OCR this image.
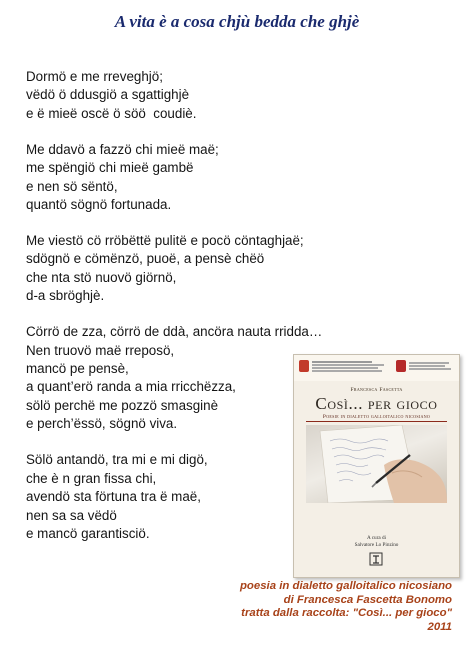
A vita è a cosa chjù bedda che ghjè
Dormö e me rreveghjö;
vëdö ö ddusgiö a sgattighjè
e ë mieë oscë ö söö  coudiè.
Me ddavö a fazzö chi mieë maë;
me spëngiö chi mieë gambë
e nen sö sëntö,
quantö sögnö fortunada.
Me viestö cö rröbëttë pulitë e pocö cöntaghjaë;
sdögnö e cömënzö, puoë, a pensè chëö
che nta stö nuovö giörnö,
d-a sbröghjè.
Cörrö de zza, cörrö de ddà, ancöra nauta rridda…
Nen truovö maë rreposö,
mancö pe pensè,
a quant’erö randa a mia rricchëzza,
sölö perchë me pozzö smasginè
e perch’ëssö, sögnö viva.
Sölö antandö, tra mi e mi digö,
che è n gran fissa chi,
avendö sta förtuna tra ë maë,
nen sa sa vëdö
e mancö garantisciö.
Francesca Fascetta
Così... per gioco
Poesie in dialetto galloitalico nicosiano
A cura di
Salvatore Lo Pinzino
poesia in dialetto galloitalico nicosiano
di Francesca Fascetta Bonomo
tratta dalla raccolta: "Così... per gioco"
2011
